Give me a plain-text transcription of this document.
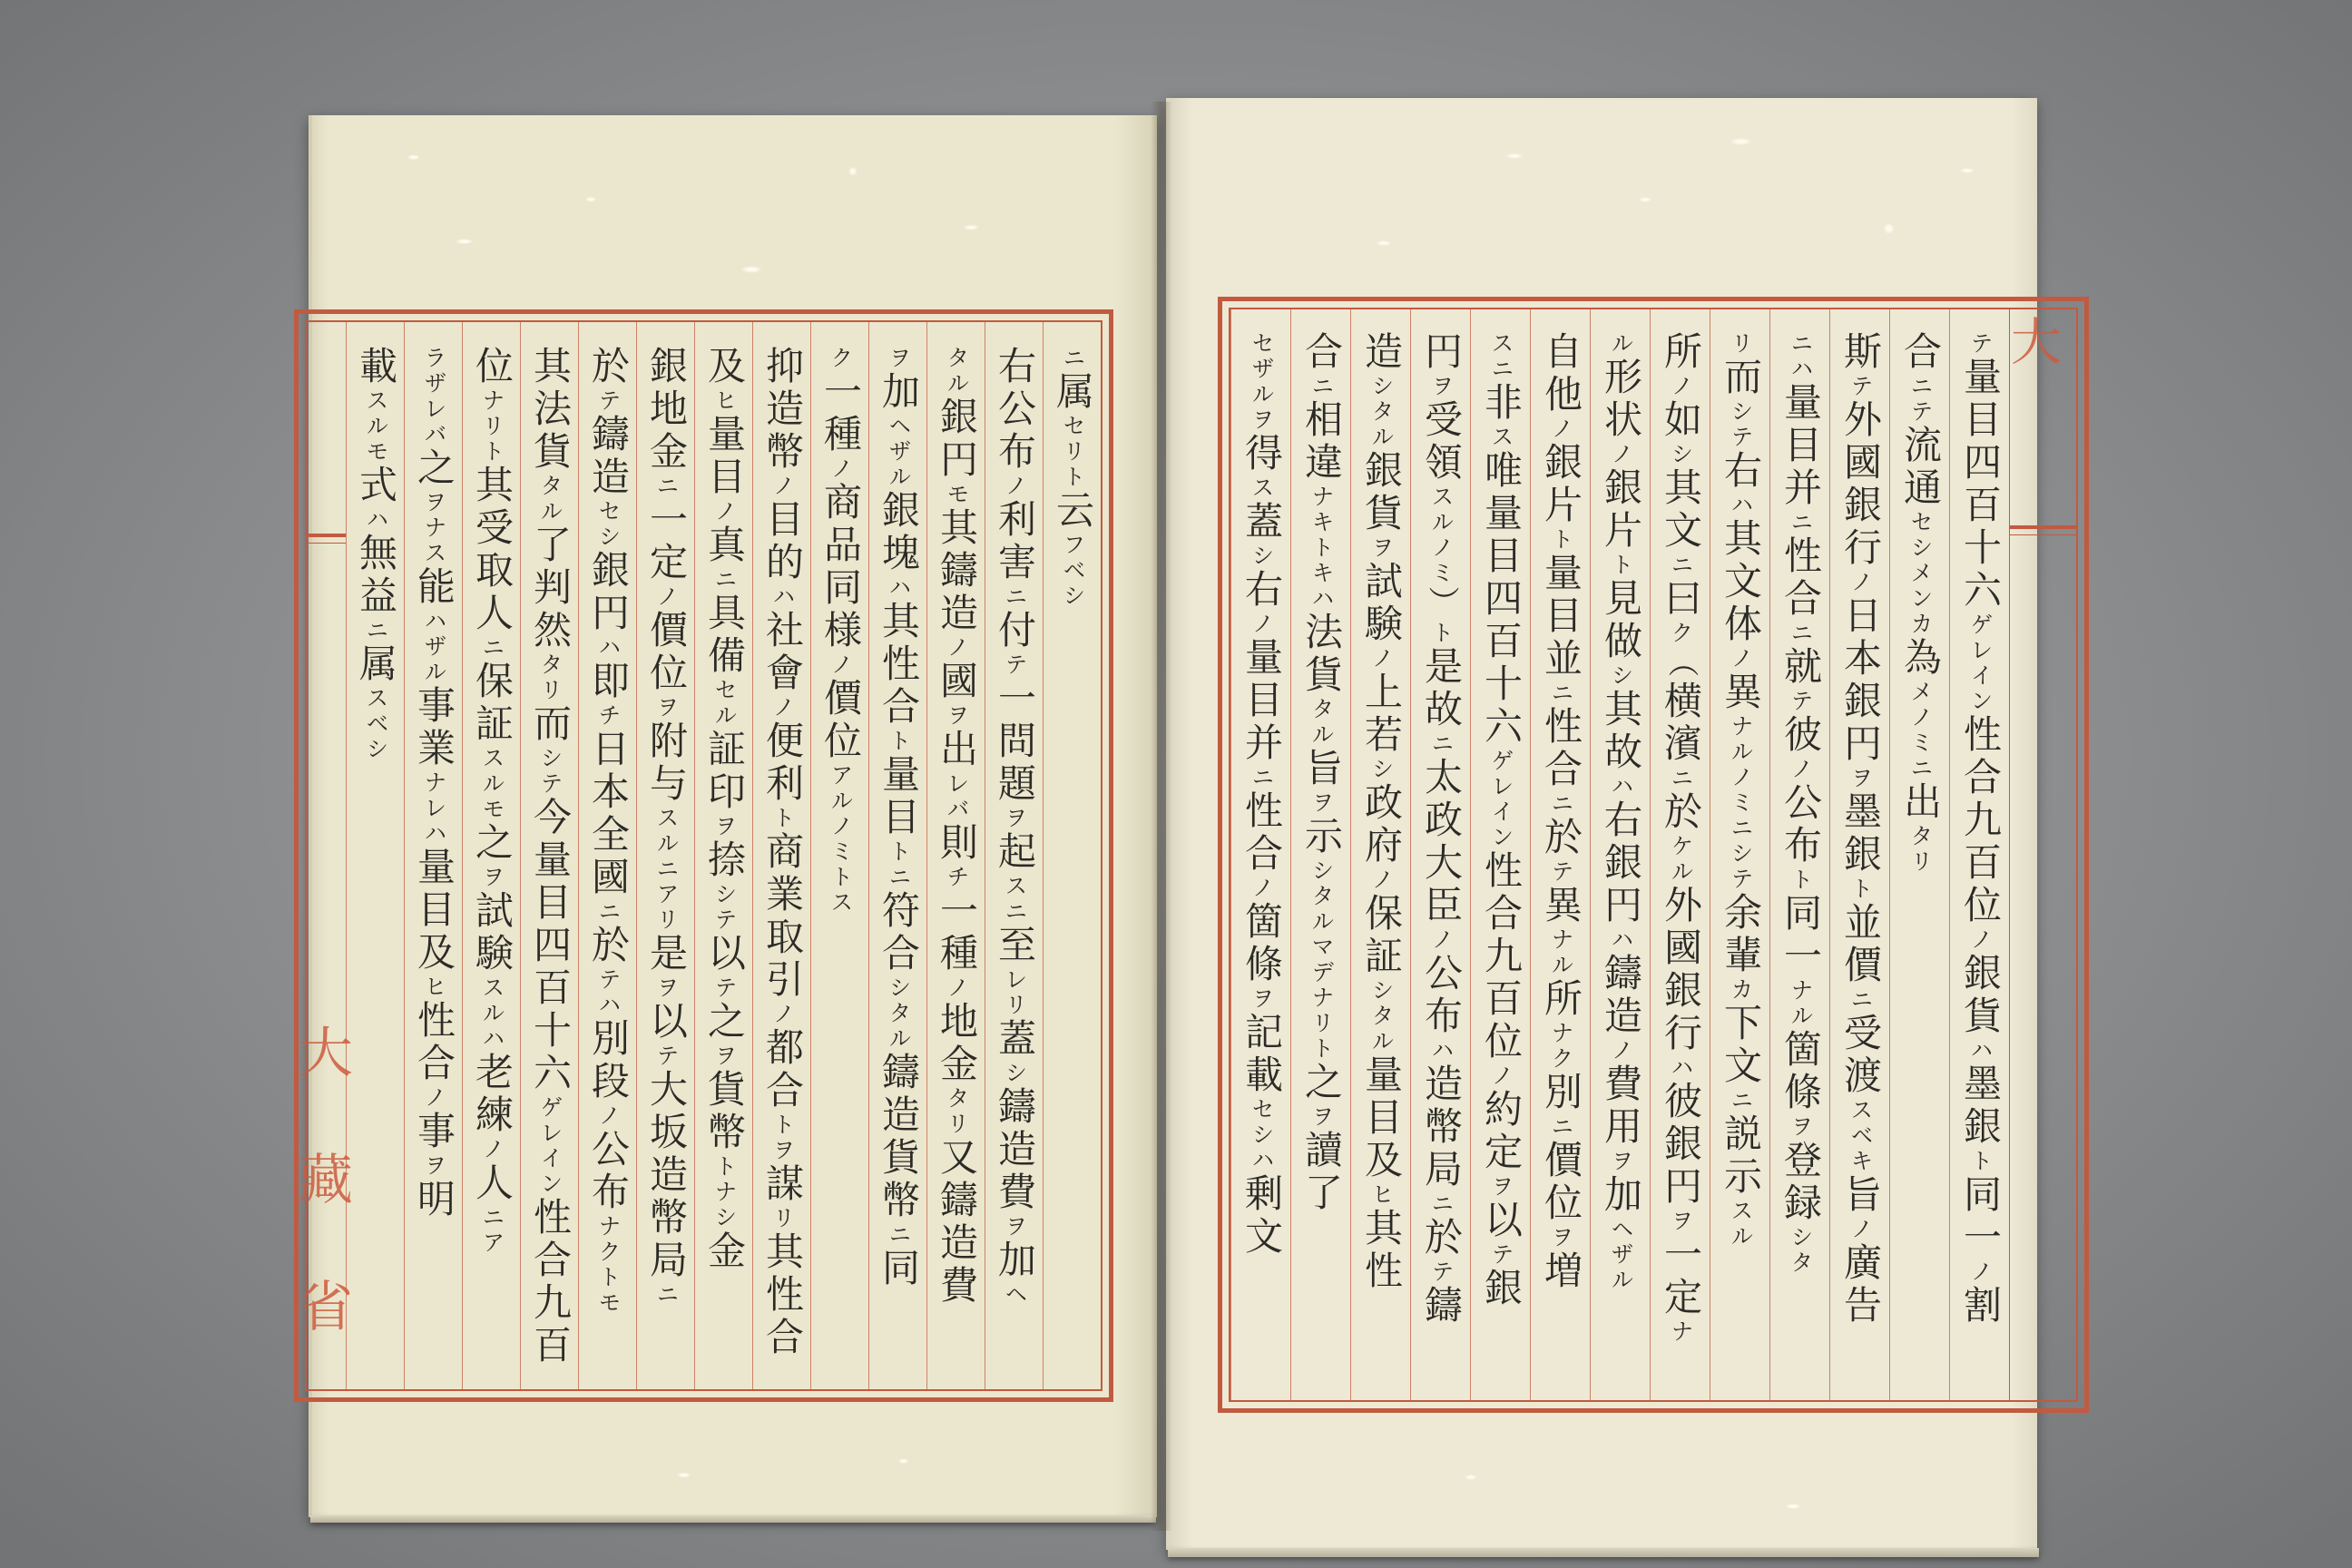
ニ属セリト云フベシ
右公布ノ利害ニ付テ一問題ヲ起スニ至レリ蓋シ鑄造費ヲ加ヘ
タル銀円モ其鑄造ノ國ヲ出レバ則チ一種ノ地金タリ又鑄造費
ヲ加ヘザル銀塊ハ其性合ト量目トニ符合シタル鑄造貨幣ニ同
ク一種ノ商品同様ノ價位アルノミトス
抑造幣ノ目的ハ社會ノ便利ト商業取引ノ都合トヲ謀リ其性合
及ヒ量目ノ真ニ具備セル証印ヲ捺シテ以テ之ヲ貨幣トナシ金
銀地金ニ一定ノ價位ヲ附与スルニアリ是ヲ以テ大坂造幣局ニ
於テ鑄造セシ銀円ハ即チ日本全國ニ於テハ別段ノ公布ナクトモ
其法貨タル了判然タリ而シテ今量目四百十六ゲレイン性合九百
位ナリト其受取人ニ保証スルモ之ヲ試験スルハ老練ノ人ニア
ラザレバ之ヲナス能ハザル事業ナレハ量目及ヒ性合ノ事ヲ明
載スルモ式ハ無益ニ属スベシ
大藏省
大
テ量目四百十六ゲレイン性合九百位ノ銀貨ハ墨銀ト同一ノ割
合ニテ流通セシメンカ為メノミニ出タリ
斯テ外國銀行ノ日本銀円ヲ墨銀ト並價ニ受渡スベキ旨ノ廣告
ニハ量目并ニ性合ニ就テ彼ノ公布ト同一ナル箇條ヲ登録シタ
リ而シテ右ハ其文体ノ異ナルノミニシテ余輩カ下文ニ説示スル
所ノ如シ其文ニ曰ク（横濱ニ於ケル外國銀行ハ彼銀円ヲ一定ナ
ル形状ノ銀片ト見做シ其故ハ右銀円ハ鑄造ノ費用ヲ加ヘザル
自他ノ銀片ト量目並ニ性合ニ於テ異ナル所ナク別ニ價位ヲ増
スニ非ス唯量目四百十六ゲレイン性合九百位ノ約定ヲ以テ銀
円ヲ受領スルノミ）ト是故ニ太政大臣ノ公布ハ造幣局ニ於テ鑄
造シタル銀貨ヲ試験ノ上若シ政府ノ保証シタル量目及ヒ其性
合ニ相違ナキトキハ法貨タル旨ヲ示シタルマデナリト之ヲ讀了
セザルヲ得ス蓋シ右ノ量目并ニ性合ノ箇條ヲ記載セシハ剰文
